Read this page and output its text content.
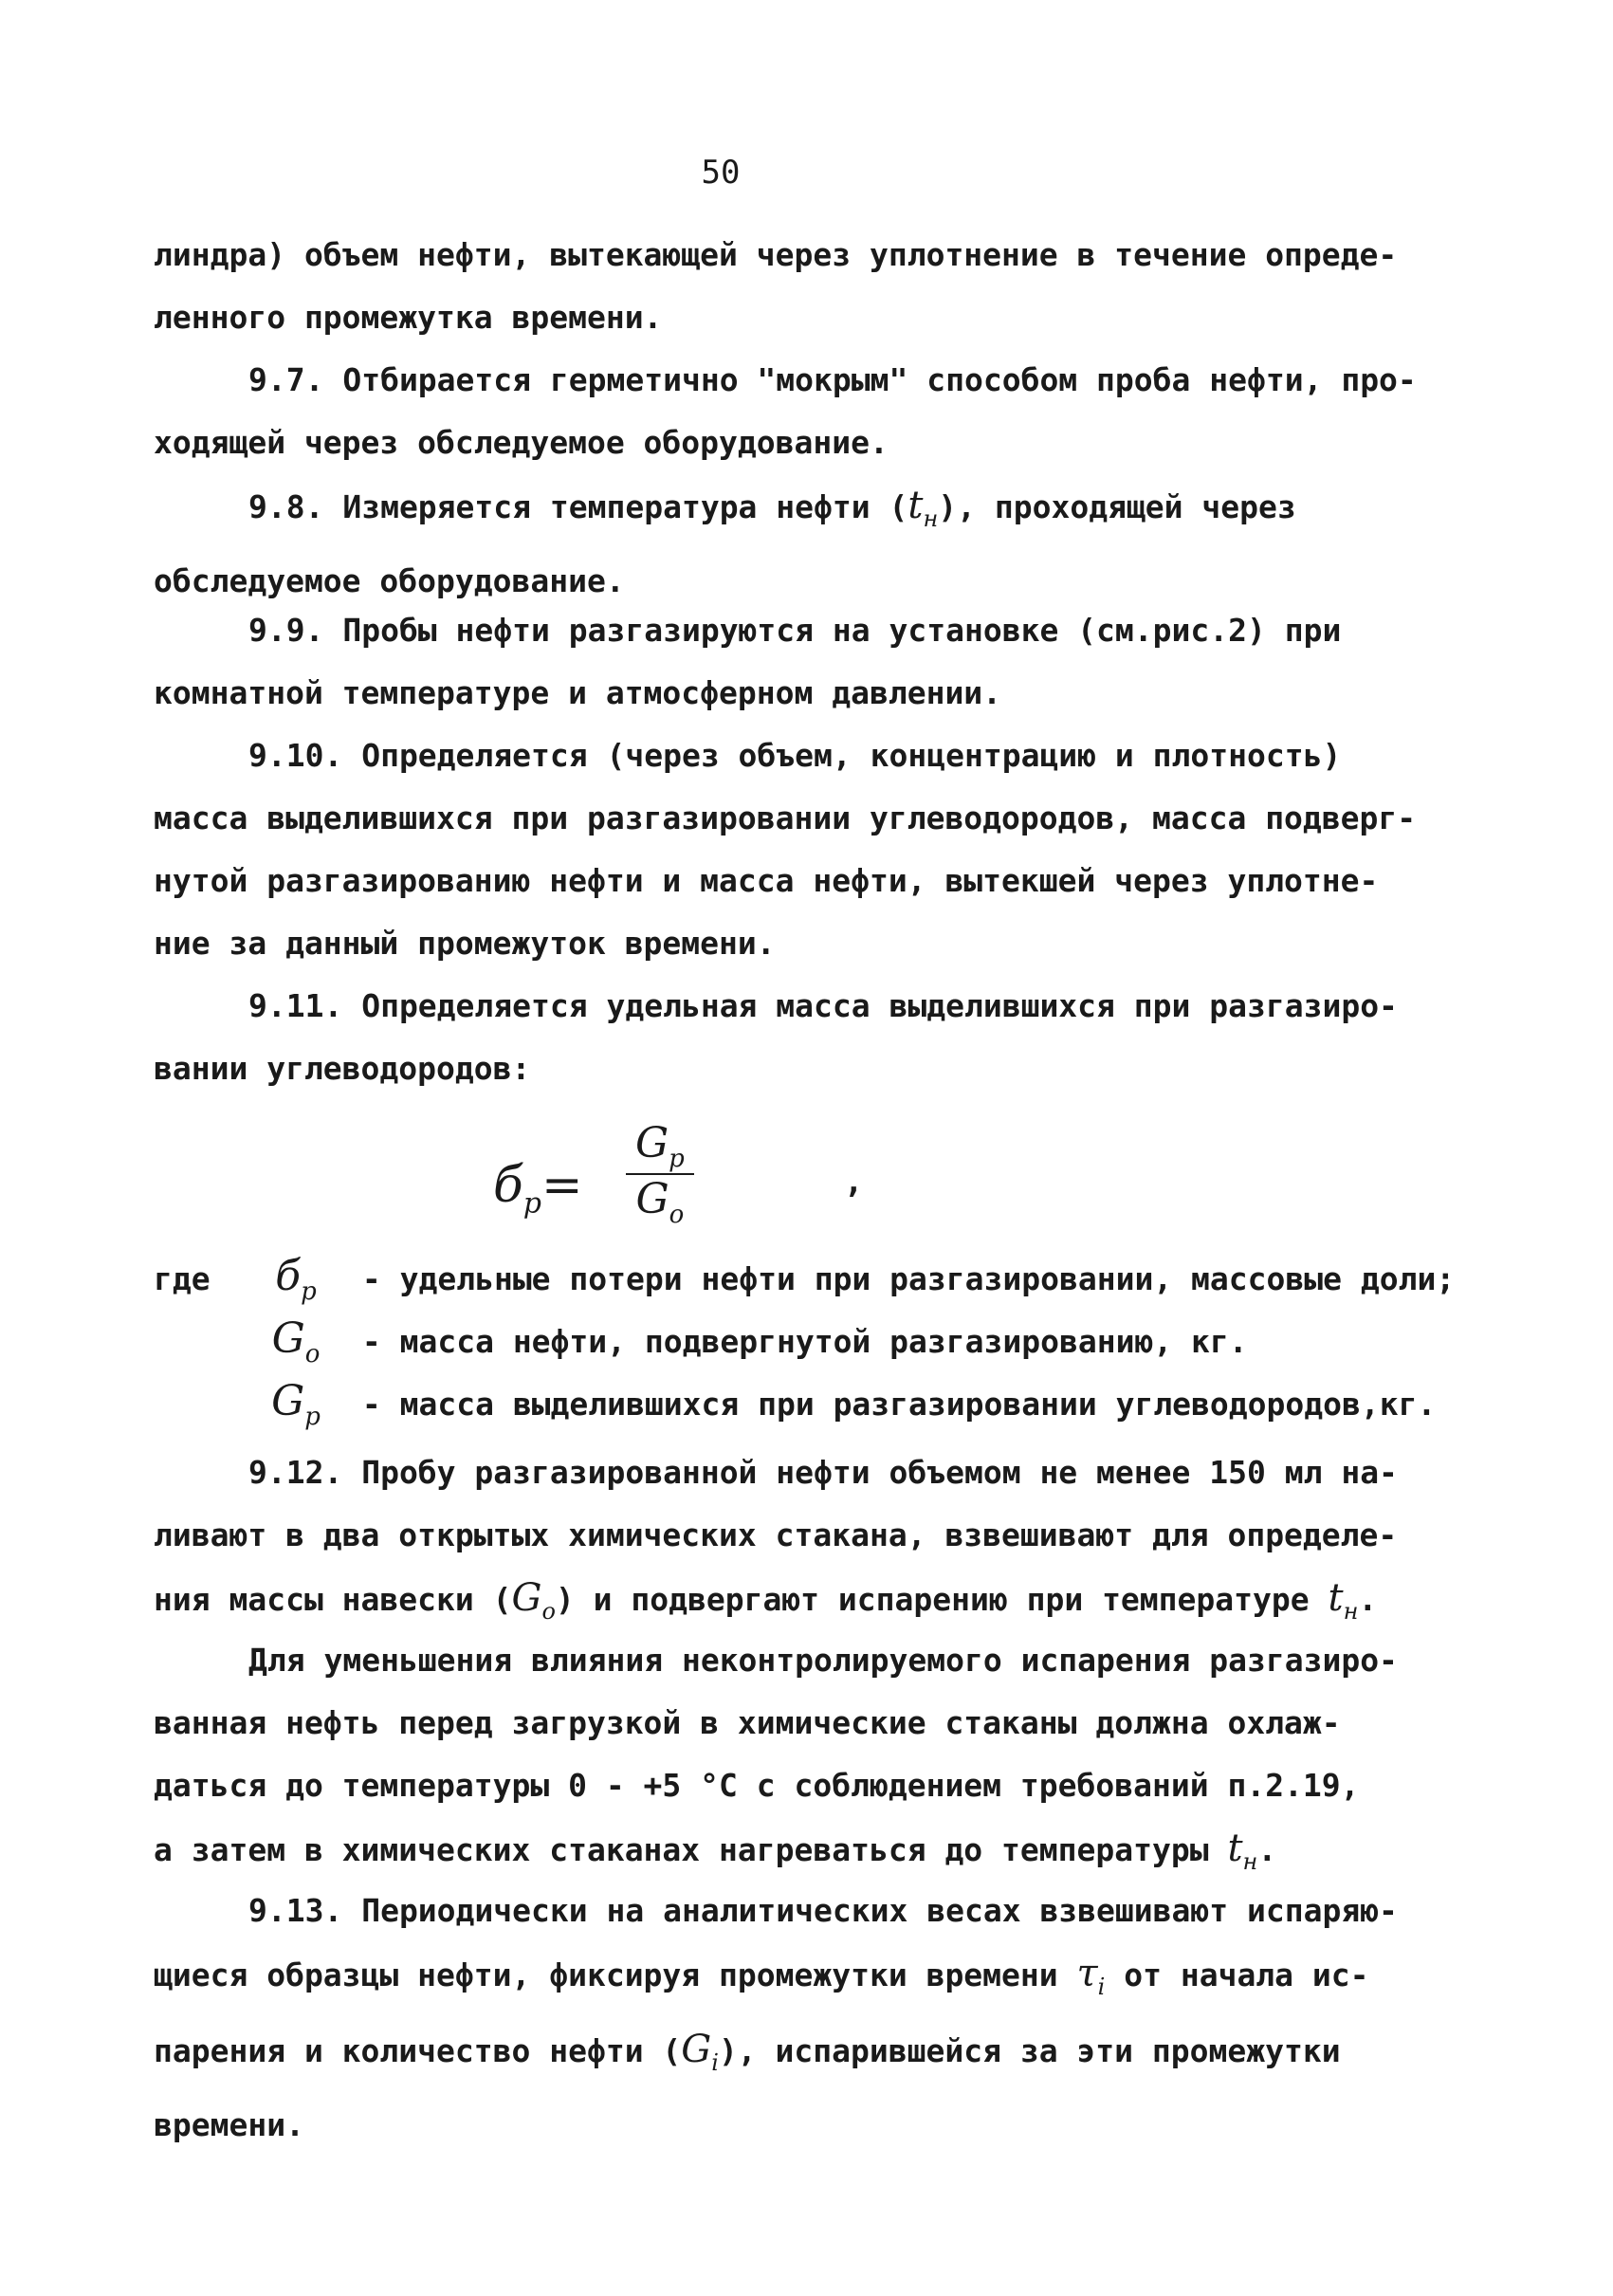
50
линдра) объем нефти, вытекающей через уплотнение в течение опреде-
ленного промежутка времени.
9.7. Отбирается герметично "мокрым" способом проба нефти, про-
ходящей через обследуемое оборудование.
9.8. Измеряется температура нефти $(t_н)$, проходящей через
обследуемое оборудование.
9.9. Пробы нефти разгазируются на установке (см.рис.2) при
комнатной температуре и атмосферном давлении.
9.10. Определяется (через объем, концентрацию и плотность)
масса выделившихся при разгазировании углеводородов, масса подверг-
нутой разгазированию нефти и масса нефти, вытекшей через уплотне-
ние за данный промежуток времени.
9.11. Определяется удельная масса выделившихся при разгазиро-
вании углеводородов:
$б_р=$
$G_р$
$G_о$
,
где $б_р$ - удельные потери нефти при разгазировании, массовые доли;
$G_о$ - масса нефти, подвергнутой разгазированию, кг.
$G_р$ - масса выделившихся при разгазировании углеводородов,кг.
9.12. Пробу разгазированной нефти объемом не менее 150 мл на-
ливают в два открытых химических стакана, взвешивают для определе-
ния массы навески $(G_о)$ и подвергают испарению при температуре $t_н$.
Для уменьшения влияния неконтролируемого испарения разгазиро-
ванная нефть перед загрузкой в химические стаканы должна охлаж-
даться до температуры 0 - +5 °С с соблюдением требований п.2.19,
а затем в химических стаканах нагреваться до температуры $t_н$.
9.13. Периодически на аналитических весах взвешивают испаряю-
щиеся образцы нефти, фиксируя промежутки времени $\tau_i$ от начала ис-
парения и количество нефти $(G_i)$, испарившейся за эти промежутки
времени.
